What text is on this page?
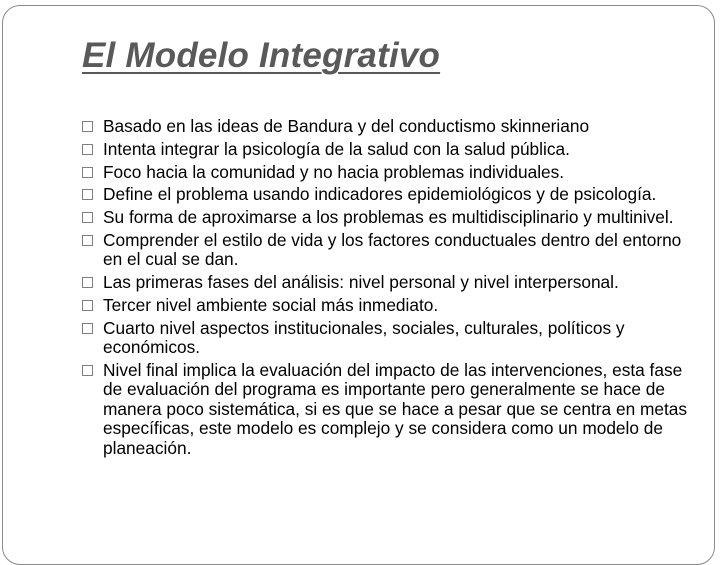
El Modelo Integrativo
Basado en las ideas de Bandura y del conductismo skinneriano
Intenta integrar la psicología de la salud con la salud pública.
Foco hacia la comunidad y no hacia problemas individuales.
Define el problema usando indicadores epidemiológicos y de psicología.
Su forma de aproximarse a los problemas es multidisciplinario y multinivel.
Comprender el estilo de vida y los factores conductuales dentro del entorno en el cual se dan.
Las primeras fases del análisis: nivel personal y nivel interpersonal.
Tercer nivel ambiente social más inmediato.
Cuarto nivel aspectos institucionales, sociales, culturales, políticos y económicos.
Nivel final implica la evaluación del impacto de las intervenciones, esta fase de evaluación del programa es importante pero generalmente se hace de manera poco sistemática, si es que se hace a pesar que se centra en metas específicas, este modelo es complejo y se considera como un modelo de planeación.
